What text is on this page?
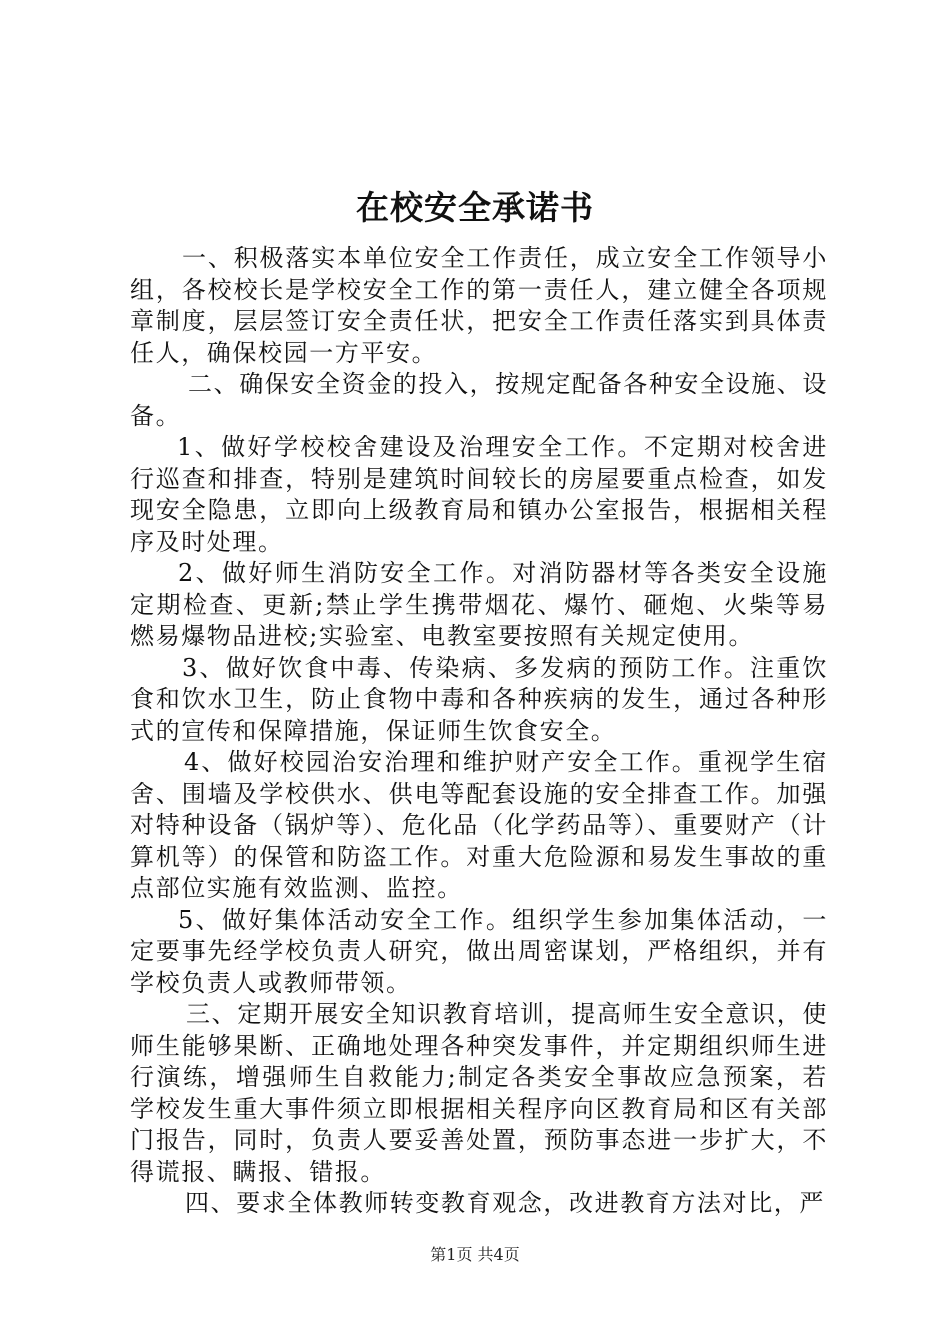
在校安全承诺书

一、积极落实本单位安全工作责任，成立安全工作领导小组，各校校长是学校安全工作的第一责任人，建立健全各项规章制度，层层签订安全责任状，把安全工作责任落实到具体责任人，确保校园一方平安。

二、确保安全资金的投入，按规定配备各种安全设施、设备。

1、做好学校校舍建设及治理安全工作。不定期对校舍进行巡查和排查，特别是建筑时间较长的房屋要重点检查，如发现安全隐患，立即向上级教育局和镇办公室报告，根据相关程序及时处理。

2、做好师生消防安全工作。对消防器材等各类安全设施定期检查、更新;禁止学生携带烟花、爆竹、砸炮、火柴等易燃易爆物品进校;实验室、电教室要按照有关规定使用。

3、做好饮食中毒、传染病、多发病的预防工作。注重饮食和饮水卫生，防止食物中毒和各种疾病的发生，通过各种形式的宣传和保障措施，保证师生饮食安全。

4、做好校园治安治理和维护财产安全工作。重视学生宿舍、围墙及学校供水、供电等配套设施的安全排查工作。加强对特种设备（锅炉等）、危化品（化学药品等）、重要财产（计算机等）的保管和防盗工作。对重大危险源和易发生事故的重点部位实施有效监测、监控。

5、做好集体活动安全工作。组织学生参加集体活动，一定要事先经学校负责人研究，做出周密谋划，严格组织，并有学校负责人或教师带领。

三、定期开展安全知识教育培训，提高师生安全意识，使师生能够果断、正确地处理各种突发事件，并定期组织师生进行演练，增强师生自救能力;制定各类安全事故应急预案，若学校发生重大事件须立即根据相关程序向区教育局和区有关部门报告，同时，负责人要妥善处置，预防事态进一步扩大，不得谎报、瞒报、错报。

四、要求全体教师转变教育观念，改进教育方法对比，严

第1页 共4页
